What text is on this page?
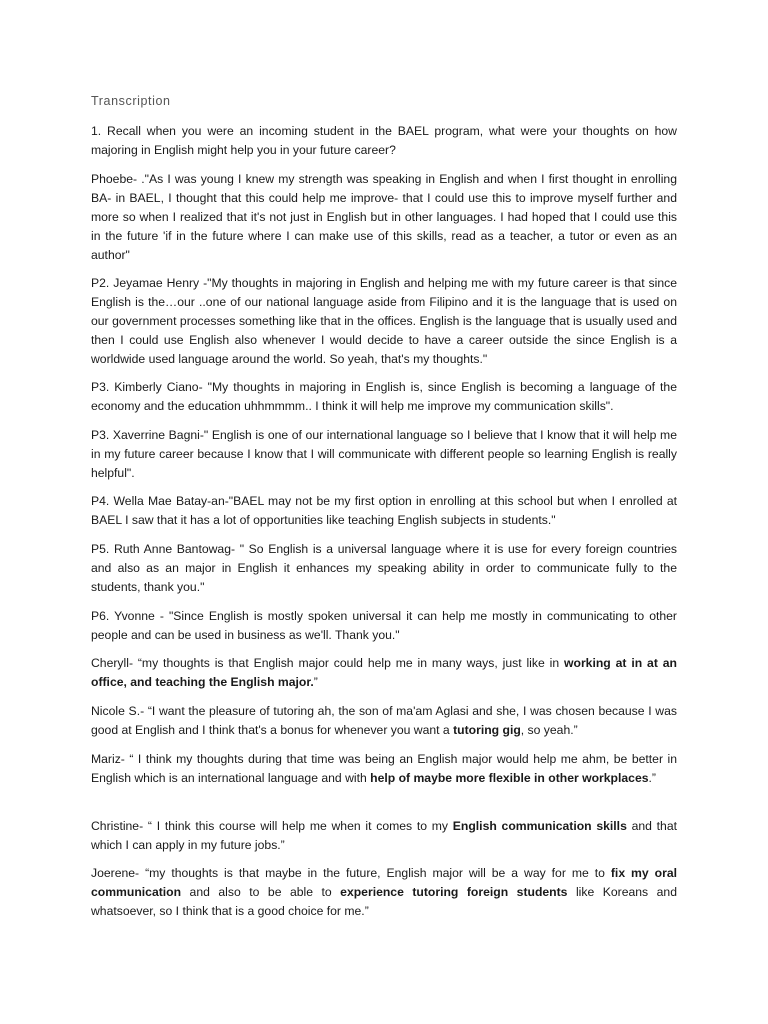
Transcription

1. Recall when you were an incoming student in the BAEL program, what were your thoughts on how majoring in English might help you in your future career?

Phoebe- ."As I was young I knew my strength was speaking in English and when I first thought in enrolling BA- in BAEL, I thought that this could help me improve- that I could use this to improve myself further and more so when I realized that it's not just in English but in other languages. I had hoped that I could use this in the future 'if in the future where I can make use of this skills, read as a teacher, a tutor or even as an author"

P2. Jeyamae Henry -"My thoughts in majoring in English and helping me with my future career is that since English is the…our ..one of our national language aside from Filipino and it is the language that is used on our government processes something like that in the offices. English is the language that is usually used and then I could use English also whenever I would decide to have a career outside the since English is a worldwide used language around the world. So yeah, that's my thoughts."

P3. Kimberly Ciano- "My thoughts in majoring in English is, since English is becoming a language of the economy and the education uhhmmmm.. I think it will help me improve my communication skills".

P3. Xaverrine Bagni-" English is one of our international language so I believe that I know that it will help me in my future career because I know that I will communicate with different people so learning English is really helpful".

P4. Wella Mae Batay-an-"BAEL may not be my first option in enrolling at this school but when I enrolled at BAEL I saw that it has a lot of opportunities like teaching English subjects in students."

P5. Ruth Anne Bantowag- " So English is a universal language where it is use for every foreign countries and also as an major in English it enhances my speaking ability in order to communicate fully to the students, thank you."

P6. Yvonne - "Since English is mostly spoken universal it can help me mostly in communicating to other people and can be used in business as we'll. Thank you."

Cheryll- “my thoughts is that English major could help me in many ways, just like in working at in at an office, and teaching the English major.”

Nicole S.- “I want the pleasure of tutoring ah, the son of ma'am Aglasi and she, I was chosen because I was good at English and I think that's a bonus for whenever you want a tutoring gig, so yeah.”

Mariz- “ I think my thoughts during that time was being an English major would help me ahm, be better in English which is an international language and with help of maybe more flexible in other workplaces.”

Christine- “ I think this course will help me when it comes to my English communication skills and that which I can apply in my future jobs.”

Joerene- “my thoughts is that maybe in the future, English major will be a way for me to fix my oral communication and also to be able to experience tutoring foreign students like Koreans and whatsoever, so I think that is a good choice for me.”
